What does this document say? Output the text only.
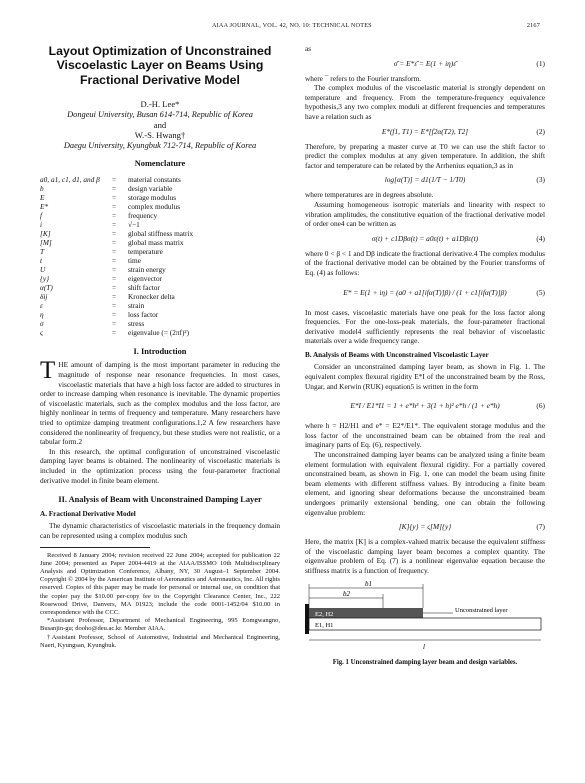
AIAA JOURNAL, VOL. 42, NO. 10: TECHNICAL NOTES	2167
Layout Optimization of Unconstrained Viscoelastic Layer on Beams Using Fractional Derivative Model
D.-H. Lee*
Dongeui University, Busan 614-714, Republic of Korea
and
W.-S. Hwang†
Daegu University, Kyungbuk 712-714, Republic of Korea
Nomenclature
a0, a1, c1, d1, and β	=	material constants
b	=	design variable
E	=	storage modulus
E*	=	complex modulus
f	=	frequency
i	=	√−1
[K]	=	global stiffness matrix
[M]	=	global mass matrix
T	=	temperature
t	=	time
U	=	strain energy
{y}	=	eigenvector
α(T)	=	shift factor
δij	=	Kronecker delta
ε	=	strain
η	=	loss factor
σ	=	stress
ς	=	eigenvalue (= (2πf)²)
I. Introduction

THE amount of damping is the most important parameter in reducing the magnitude of response near resonance frequencies. In most cases, viscoelastic materials that have a high loss factor are added to structures in order to increase damping when resonance is inevitable. The dynamic properties of viscoelastic materials, such as the complex modulus and the loss factor, are highly nonlinear in terms of frequency and temperature. Many researchers have tried to optimize damping treatment configurations.1,2 A few researchers have considered the nonlinearity of frequency, but these studies were not realistic, or a tabular form.2

In this research, the optimal configuration of unconstrained viscoelastic damping layer beams is obtained. The nonlinearity of viscoelastic materials is included in the optimization process using the four-parameter fractional derivative model in finite beam element.

II. Analysis of Beam with Unconstrained Damping Layer
A. Fractional Derivative Model

The dynamic characteristics of viscoelastic materials in the frequency domain can be represented using a complex modulus such

Received 8 January 2004; revision received 22 June 2004; accepted for publication 22 June 2004; presented as Paper 2004-4419 at the AIAA/ISSMO 10th Multidisciplinary Analysis and Optimization Conference, Albany, NY, 30 August–1 September 2004. Copyright © 2004 by the American Institute of Aeronautics and Astronautics, Inc. All rights reserved. Copies of this paper may be made for personal or internal use, on condition that the copier pay the $10.00 per-copy fee to the Copyright Clearance Center, Inc., 222 Rosewood Drive, Danvers, MA 01923; include the code 0001-1452/04 $10.00 in correspondence with the CCC.

*Assistant Professor, Department of Mechanical Engineering, 995 Eomgwangno, Busanjin-gu; dooho@deu.ac.kr. Member AIAA.

†Assistant Professor, School of Automotive, Industrial and Mechanical Engineering, Naeri, Kyungsan, Kyungbuk.

as

σ̄ = E*ε̄ = E(1 + iη)ε̄	(1)

where ¯ refers to the Fourier transform.

The complex modulus of the viscoelastic material is strongly dependent on temperature and frequency. From the temperature-frequency equivalence hypothesis,3 any two complex moduli at different frequencies and temperatures have a relation such as

E*(f1, T1) = E*[f2α(T2), T2]	(2)

Therefore, by preparing a master curve at T0 we can use the shift factor to predict the complex modulus at any given temperature. In addition, the shift factor and temperature can be related by the Arrhenius equation,3 as in

log[α(T)] = d1(1/T − 1/T0)	(3)

where temperatures are in degrees absolute.

Assuming homogeneous isotropic materials and linearity with respect to vibration amplitudes, the constitutive equation of the fractional derivative model of order one4 can be written as

σ(t) + c1Dβσ(t) = a0ε(t) + a1Dβε(t)	(4)

where 0 < β < 1 and Dβ indicate the fractional derivative.4 The complex modulus of the fractional derivative model can be obtained by the Fourier transforms of Eq. (4) as follows:

E* = E(1 + iη) = (a0 + a1[ifα(T)]β) / (1 + c1[ifα(T)]β)	(5)

In most cases, viscoelastic materials have one peak for the loss factor along frequencies. For the one-loss-peak materials, the four-parameter fractional derivative model4 sufficiently represents the real behavior of viscoelastic materials over a wide frequency range.

B. Analysis of Beams with Unconstrained Viscoelastic Layer

Consider an unconstrained damping layer beam, as shown in Fig. 1. The equivalent complex flexural rigidity E*I of the unconstrained beam by the Ross, Ungar, and Kerwin (RUK) equation5 is written in the form

E*I / E1*I1 = 1 + e*h³ + 3(1 + h)² e*h / (1 + e*h)	(6)

where h = H2/H1 and e* = E2*/E1*. The equivalent storage modulus and the loss factor of the unconstrained beam can be obtained from the real and imaginary parts of Eq. (6), respectively.

The unconstrained damping layer beams can be analyzed using a finite beam element formulation with equivalent flexural rigidity. For a partially covered unconstrained beam, as shown in Fig. 1, one can model the beam using finite beam elements with different stiffness values. By introducing a finite beam element, and ignoring shear deformations because the unconstrained beam undergoes primarily extensional bending, one can obtain the following eigenvalue problem:

[K]{y} = ς[M]{y}	(7)

Here, the matrix [K] is a complex-valued matrix because the equivalent stiffness of the viscoelastic damping layer beam becomes a complex quantity. The eigenvalue problem of Eq. (7) is a nonlinear eigenvalue equation because the stiffness matrix is a function of frequency.

b1
b2
E1, H1
E2, H2
Unconstrained layer
l
Fig. 1 Unconstrained damping layer beam and design variables.
